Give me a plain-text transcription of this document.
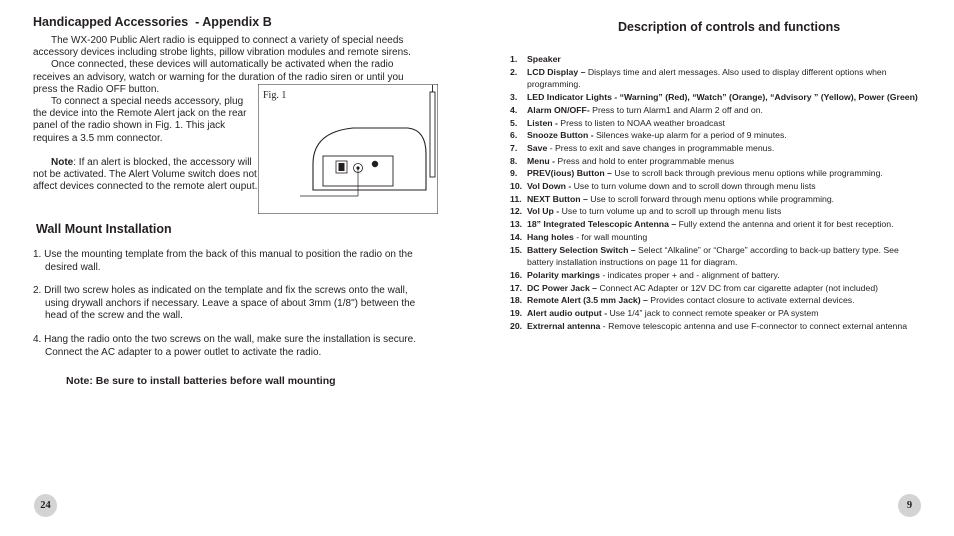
Handicapped Accessories  - Appendix B
The WX-200 Public Alert radio is equipped to connect a variety of special needs accessory devices including strobe lights, pillow vibration modules and remote sirens.
Once connected, these devices will automatically be activated when the radio receives an advisory, watch or warning for the duration of the radio siren or until you press the Radio OFF button.
To connect a special needs accessory, plug the device into the Remote Alert jack on the rear panel of the radio shown in Fig. 1. This jack requires a 3.5 mm connector.
Note: If an alert is blocked, the accessory will not be activated. The Alert Volume switch does not affect devices connected to the remote alert ouput.
Fig. 1
Wall Mount Installation
1. Use the mounting template from the back of this manual to position the radio on the
desired wall.
2. Drill two screw holes as indicated on the template and fix the screws onto the wall,
using drywall anchors if necessary. Leave a space of about 3mm (1/8") between the head of the screw and the wall.
4. Hang the radio onto the two screws on the wall, make sure the installation is secure.
Connect the AC adapter to a power outlet to activate the radio.
Note: Be sure to install batteries before wall mounting
24
Description of controls and functions
1.	Speaker
2.	LCD Display – Displays time and alert messages. Also used to display different options when programming.
3.	LED Indicator Lights - “Warning” (Red), “Watch” (Orange), “Advisory ” (Yellow), Power (Green)
4.	Alarm ON/OFF- Press to turn Alarm1 and Alarm 2 off and on.
5.	Listen - Press to listen to NOAA weather broadcast
6.	Snooze Button - Silences wake-up alarm for a period of 9 minutes.
7.	Save - Press to exit and save changes in programmable menus.
8.	Menu - Press and hold to enter programmable menus
9.	PREV(ious) Button – Use to scroll back through previous menu options while programming.
10. Vol Down - Use to turn volume down and to scroll down through menu lists
11. NEXT Button – Use to scroll forward through menu options while programming.
12. Vol Up - Use to turn volume up and to scroll up through menu lists
13. 18” Integrated Telescopic Antenna – Fully extend the antenna and orient it for best reception.
14. Hang holes - for wall mounting
15. Battery Selection Switch – Select “Alkaline” or “Charge” according to back-up battery type. See battery installation instructions on page 11 for diagram.
16. Polarity markings - indicates proper + and - alignment of battery.
17. DC Power Jack – Connect AC Adapter or 12V DC from car cigarette adapter (not included)
18. Remote Alert (3.5 mm Jack) – Provides contact closure to activate external devices.
19. Alert audio output - Use 1/4” jack to connect remote speaker or PA system
20. Extrernal antenna - Remove telescopic antenna and use F-connector to connect external antenna
9
